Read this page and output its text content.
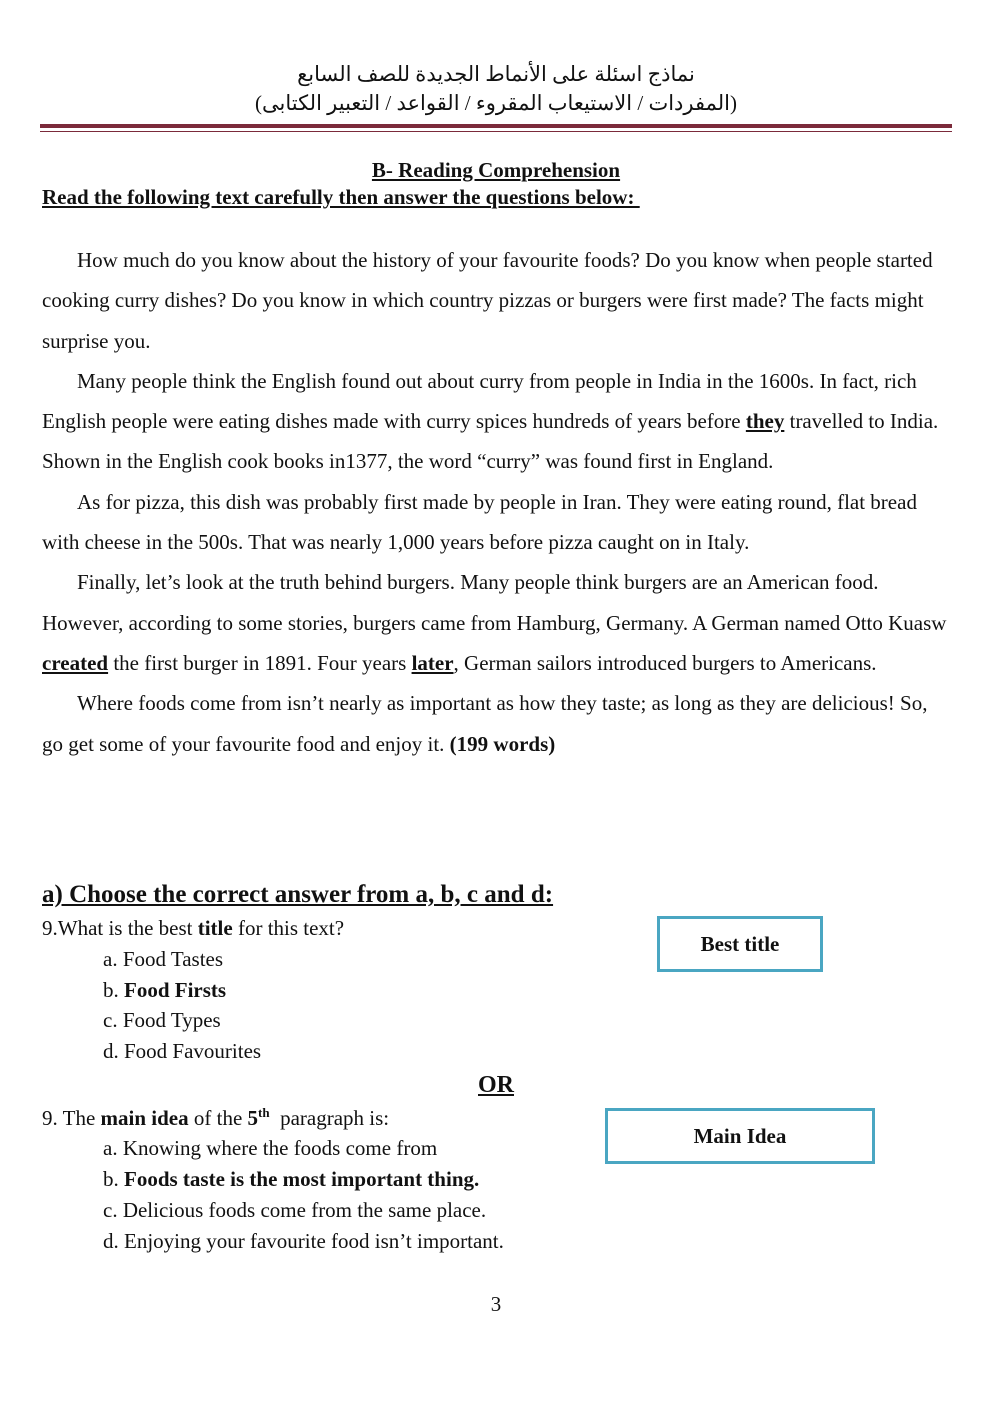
نماذج اسئلة على الأنماط الجديدة للصف السابع
(المفردات / الاستيعاب المقروء / القواعد / التعبير الكتابى)
B- Reading Comprehension
Read the following text carefully then answer the questions below:

How much do you know about the history of your favourite foods? Do you know when people started cooking curry dishes? Do you know in which country pizzas or burgers were first made? The facts might surprise you.

Many people think the English found out about curry from people in India in the 1600s. In fact, rich English people were eating dishes made with curry spices hundreds of years before they travelled to India. Shown in the English cook books in1377, the word “curry” was found first in England.

As for pizza, this dish was probably first made by people in Iran. They were eating round, flat bread with cheese in the 500s. That was nearly 1,000 years before pizza caught on in Italy.

Finally, let’s look at the truth behind burgers. Many people think burgers are an American food. However, according to some stories, burgers came from Hamburg, Germany. A German named Otto Kuasw created the first burger in 1891. Four years later, German sailors introduced burgers to Americans.

Where foods come from isn’t nearly as important as how they taste; as long as they are delicious! So, go get some of your favourite food and enjoy it. (199 words)

a) Choose the correct answer from a, b, c and d:
9.What is the best title for this text?
a. Food Tastes
b. Food Firsts
c. Food Types
d. Food Favourites
Best title
OR
9. The main idea of the 5th  paragraph is:
a. Knowing where the foods come from
b. Foods taste is the most important thing.
c. Delicious foods come from the same place.
d. Enjoying your favourite food isn’t important.
Main Idea
3
